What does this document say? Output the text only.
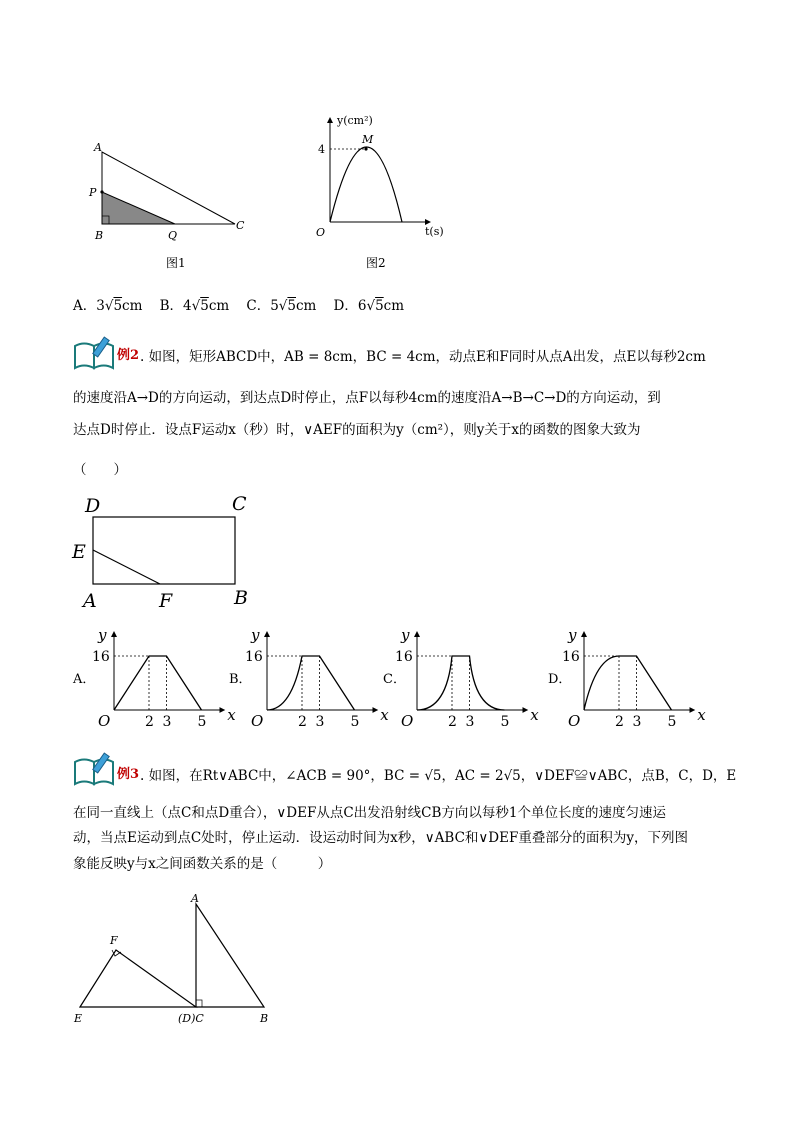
A
P
B	Q
C
图1
y(cm²)
t(s)
O
4
M
图2
A．3√5cm B．4√5cm C．5√5cm D．6√5cm
例2 . 如图，矩形ABCD中，AB = 8cm，BC = 4cm，动点E和F同时从点A出发，点E以每秒2cm
的速度沿A→D的方向运动，到达点D时停止，点F以每秒4cm的速度沿A→B→C→D的方向运动，到
达点D时停止．设点F运动x（秒）时，∨AEF的面积为y（cm²），则y关于x的函数的图象大致为
（　　）
D	C
E
A	F	B
A．	B．	C．	D．
y
x
O
16
2 3 5
y
x
O
16
2 3 5
y
x
O
16
2 3 5
y
x
O
16
2 3 5
例3 . 如图，在Rt∨ABC中，∠ACB = 90°，BC = √5，AC = 2√5，∨DEF≌∨ABC，点B，C，D，E
在同一直线上（点C和点D重合），∨DEF从点C出发沿射线CB方向以每秒1个单位长度的速度匀速运
动，当点E运动到点C处时，停止运动．设运动时间为x秒，∨ABC和∨DEF重叠部分的面积为y，下列图
象能反映y与x之间函数关系的是（　　　）
A
F
E	(D)C	B
